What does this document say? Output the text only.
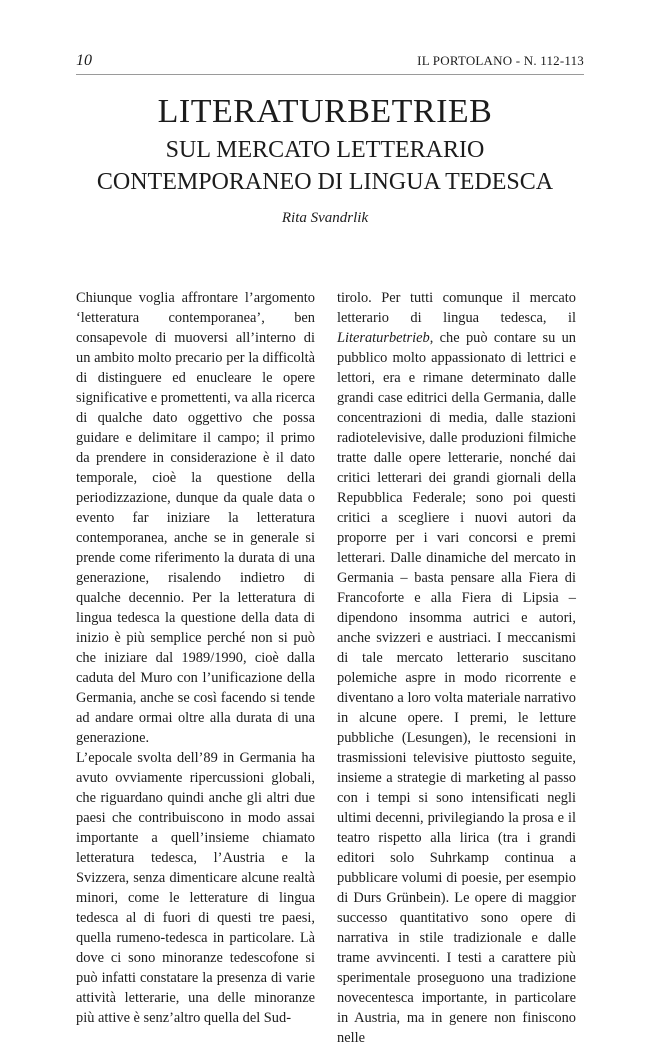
10	IL PORTOLANO - N. 112-113
LITERATURBETRIEB
SUL MERCATO LETTERARIO
CONTEMPORANEO DI LINGUA TEDESCA
Rita Svandrlik

Chiunque voglia affrontare l’argomento ‘letteratura contemporanea’, ben consapevole di muoversi all’interno di un ambito molto precario per la difficoltà di distinguere ed enucleare le opere significative e promettenti, va alla ricerca di qualche dato oggettivo che possa guidare e delimitare il campo; il primo da prendere in considerazione è il dato temporale, cioè la questione della periodizzazione, dunque da quale data o evento far iniziare la letteratura contemporanea, anche se in generale si prende come riferimento la durata di una generazione, risalendo indietro di qualche decennio. Per la letteratura di lingua tedesca la questione della data di inizio è più semplice perché non si può che iniziare dal 1989/1990, cioè dalla caduta del Muro con l’unificazione della Germania, anche se così facendo si tende ad andare ormai oltre alla durata di una generazione.

L’epocale svolta dell’89 in Germania ha avuto ovviamente ripercussioni globali, che riguardano quindi anche gli altri due paesi che contribuiscono in modo assai importante a quell’insieme chiamato letteratura tedesca, l’Austria e la Svizzera, senza dimenticare alcune realtà minori, come le letterature di lingua tedesca al di fuori di questi tre paesi, quella rumeno-tedesca in particolare. Là dove ci sono minoranze tedescofone si può infatti constatare la presenza di varie attività letterarie, una delle minoranze più attive è senz’altro quella del Sud-

tirolo. Per tutti comunque il mercato letterario di lingua tedesca, il Literaturbetrieb, che può contare su un pubblico molto appassionato di lettrici e lettori, era e rimane determinato dalle grandi case editrici della Germania, dalle concentrazioni di media, dalle stazioni radiotelevisive, dalle produzioni filmiche tratte dalle opere letterarie, nonché dai critici letterari dei grandi giornali della Repubblica Federale; sono poi questi critici a scegliere i nuovi autori da proporre per i vari concorsi e premi letterari. Dalle dinamiche del mercato in Germania – basta pensare alla Fiera di Francoforte e alla Fiera di Lipsia – dipendono insomma autrici e autori, anche svizzeri e austriaci. I meccanismi di tale mercato letterario suscitano polemiche aspre in modo ricorrente e diventano a loro volta materiale narrativo in alcune opere. I premi, le letture pubbliche (Lesungen), le recensioni in trasmissioni televisive piuttosto seguite, insieme a strategie di marketing al passo con i tempi si sono intensificati negli ultimi decenni, privilegiando la prosa e il teatro rispetto alla lirica (tra i grandi editori solo Suhrkamp continua a pubblicare volumi di poesie, per esempio di Durs Grünbein). Le opere di maggior successo quantitativo sono opere di narrativa in stile tradizionale e dalle trame avvincenti. I testi a carattere più sperimentale proseguono una tradizione novecentesca importante, in particolare in Austria, ma in genere non finiscono nelle
